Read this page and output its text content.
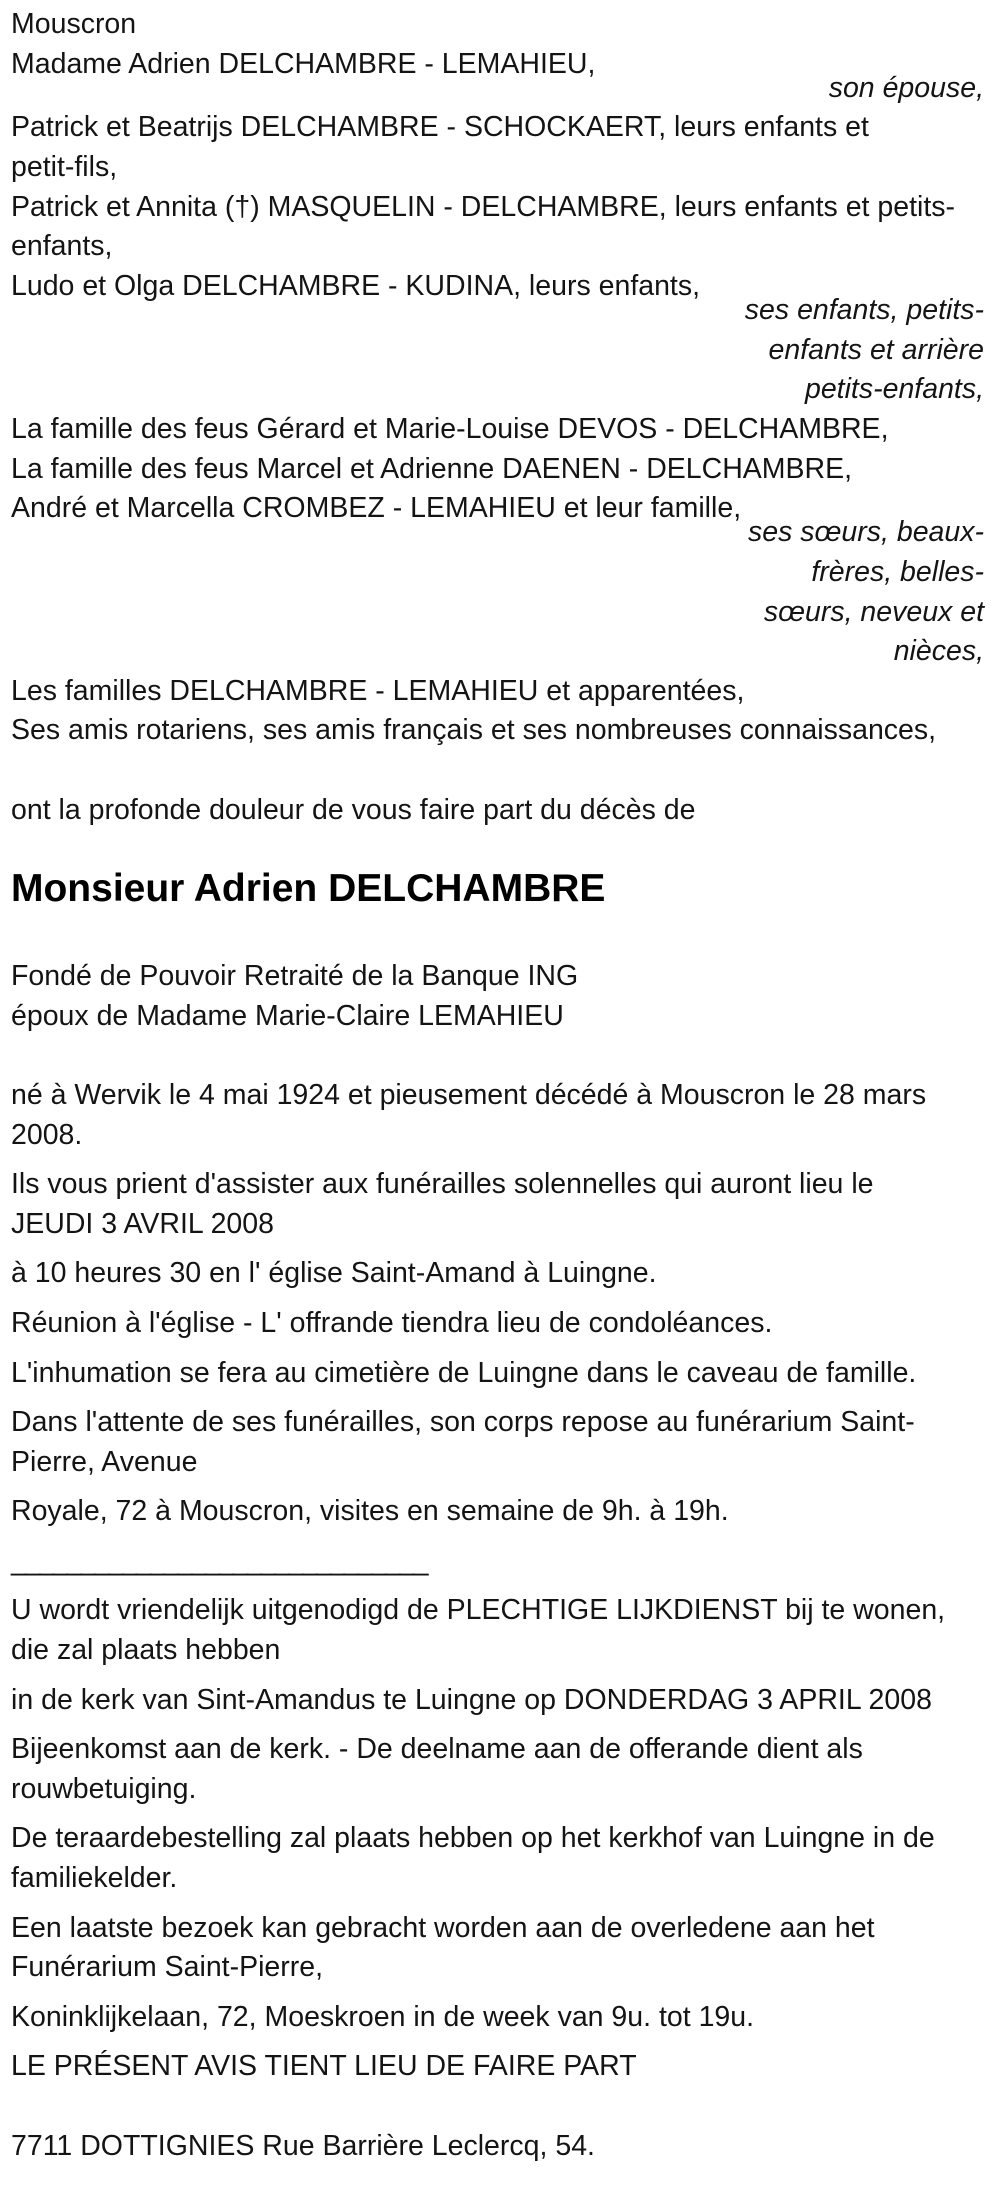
Mouscron
Madame Adrien DELCHAMBRE - LEMAHIEU,
son épouse,
Patrick et Beatrijs DELCHAMBRE - SCHOCKAERT, leurs enfants et
petit-fils,
Patrick et Annita (†) MASQUELIN - DELCHAMBRE, leurs enfants et petits-
enfants,
Ludo et Olga DELCHAMBRE - KUDINA, leurs enfants,
ses enfants, petits-
enfants et arrière
petits-enfants,
La famille des feus Gérard et Marie-Louise DEVOS - DELCHAMBRE,
La famille des feus Marcel et Adrienne DAENEN - DELCHAMBRE,
André et Marcella CROMBEZ - LEMAHIEU et leur famille,
ses sœurs, beaux-
frères, belles-
sœurs, neveux et
nièces,
Les familles DELCHAMBRE - LEMAHIEU et apparentées,
Ses amis rotariens, ses amis français et ses nombreuses connaissances,
ont la profonde douleur de vous faire part du décès de
Monsieur Adrien DELCHAMBRE
Fondé de Pouvoir Retraité de la Banque ING
époux de Madame Marie-Claire LEMAHIEU
né à Wervik le 4 mai 1924 et pieusement décédé à Mouscron le 28 mars
2008.
Ils vous prient d'assister aux funérailles solennelles qui auront lieu le
JEUDI 3 AVRIL 2008
à 10 heures 30 en l' église Saint-Amand à Luingne.
Réunion à l'église - L' offrande tiendra lieu de condoléances.
L'inhumation se fera au cimetière de Luingne dans le caveau de famille.
Dans l'attente de ses funérailles, son corps repose au funérarium Saint-
Pierre, Avenue
Royale, 72 à Mouscron, visites en semaine de 9h. à 19h.
______________________________
U wordt vriendelijk uitgenodigd de PLECHTIGE LIJKDIENST bij te wonen,
die zal plaats hebben
in de kerk van Sint-Amandus te Luingne op DONDERDAG 3 APRIL 2008
Bijeenkomst aan de kerk. - De deelname aan de offerande dient als
rouwbetuiging.
De teraardebestelling zal plaats hebben op het kerkhof van Luingne in de
familiekelder.
Een laatste bezoek kan gebracht worden aan de overledene aan het
Funérarium Saint-Pierre,
Koninklijkelaan, 72, Moeskroen in de week van 9u. tot 19u.
LE PRÉSENT AVIS TIENT LIEU DE FAIRE PART
7711 DOTTIGNIES Rue Barrière Leclercq, 54.
